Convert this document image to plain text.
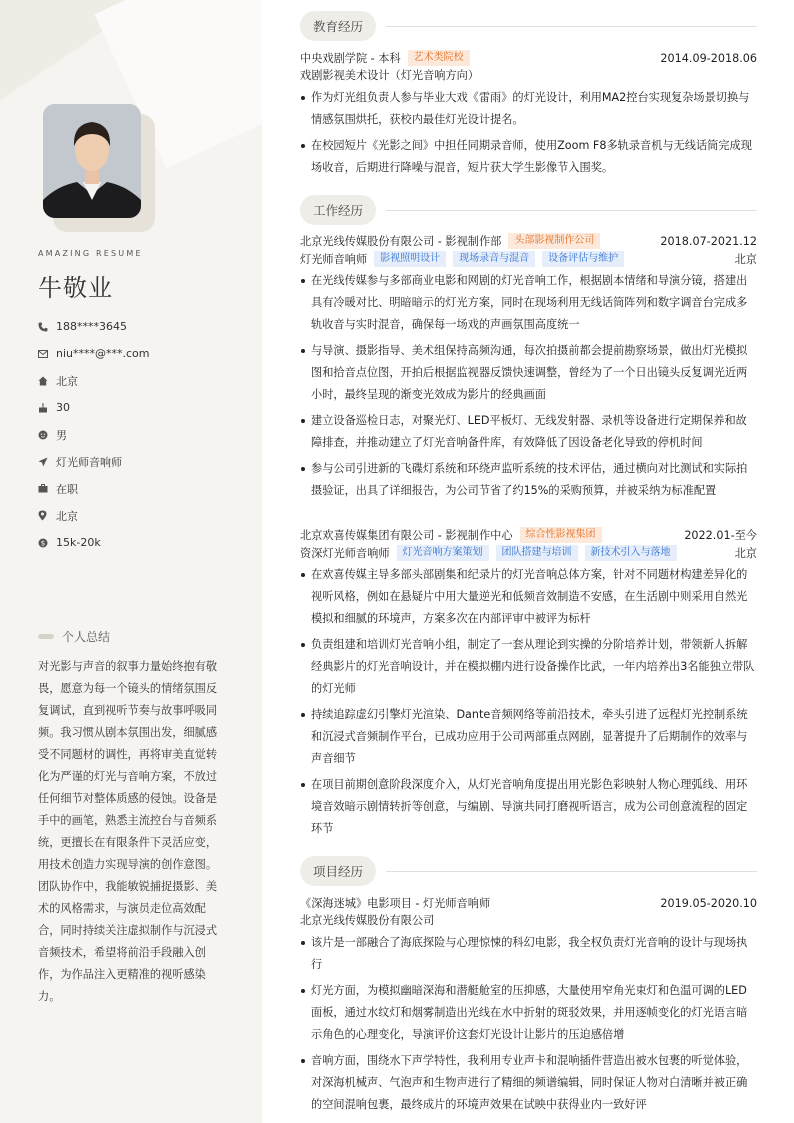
AMAZING RESUME
牛敬业
188****3645
niu****@***.com
北京
30
男
灯光师音响师
在职
北京
$ 15k-20k
个人总结
对光影与声音的叙事力量始终抱有敬畏，愿意为每一个镜头的情绪氛围反复调试，直到视听节奏与故事呼吸同频。我习惯从剧本氛围出发，细腻感受不同题材的调性，再将审美直觉转化为严谨的灯光与音响方案，不放过任何细节对整体质感的侵蚀。设备是手中的画笔，熟悉主流控台与音频系统，更擅长在有限条件下灵活应变，用技术创造力实现导演的创作意图。团队协作中，我能敏锐捕捉摄影、美术的风格需求，与演员走位高效配合，同时持续关注虚拟制作与沉浸式音频技术，希望将前沿手段融入创作，为作品注入更精准的视听感染力。
教育经历
中央戏剧学院 - 本科	艺术类院校	2014.09-2018.06
戏剧影视美术设计（灯光音响方向）
作为灯光组负责人参与毕业大戏《雷雨》的灯光设计，利用MA2控台实现复杂场景切换与情感氛围烘托，获校内最佳灯光设计提名。
在校园短片《光影之间》中担任同期录音师，使用Zoom F8多轨录音机与无线话筒完成现场收音，后期进行降噪与混音，短片获大学生影像节入围奖。
工作经历
北京光线传媒股份有限公司 - 影视制作部	头部影视制作公司	2018.07-2021.12
灯光师音响师	影视照明设计	现场录音与混音	设备评估与维护	北京
在光线传媒参与多部商业电影和网剧的灯光音响工作，根据剧本情绪和导演分镜，搭建出具有冷暖对比、明暗暗示的灯光方案，同时在现场利用无线话筒阵列和数字调音台完成多轨收音与实时混音，确保每一场戏的声画氛围高度统一
与导演、摄影指导、美术组保持高频沟通，每次拍摄前都会提前勘察场景，做出灯光模拟图和拾音点位图，开拍后根据监视器反馈快速调整，曾经为了一个日出镜头反复调光近两小时，最终呈现的渐变光效成为影片的经典画面
建立设备巡检日志，对聚光灯、LED平板灯、无线发射器、录机等设备进行定期保养和故障排查，并推动建立了灯光音响备件库，有效降低了因设备老化导致的停机时间
参与公司引进新的飞碟灯系统和环绕声监听系统的技术评估，通过横向对比测试和实际拍摄验证，出具了详细报告，为公司节省了约15%的采购预算，并被采纳为标准配置
北京欢喜传媒集团有限公司 - 影视制作中心	综合性影视集团	2022.01-至今
资深灯光师音响师	灯光音响方案策划	团队搭建与培训	新技术引入与落地	北京
在欢喜传媒主导多部头部剧集和纪录片的灯光音响总体方案，针对不同题材构建差异化的视听风格，例如在悬疑片中用大量逆光和低频音效制造不安感，在生活剧中则采用自然光模拟和细腻的环境声，方案多次在内部评审中被评为标杆
负责组建和培训灯光音响小组，制定了一套从理论到实操的分阶培养计划，带领新人拆解经典影片的灯光音响设计，并在模拟棚内进行设备操作比武，一年内培养出3名能独立带队的灯光师
持续追踪虚幻引擎灯光渲染、Dante音频网络等前沿技术，牵头引进了远程灯光控制系统和沉浸式音频制作平台，已成功应用于公司两部重点网剧，显著提升了后期制作的效率与声音细节
在项目前期创意阶段深度介入，从灯光音响角度提出用光影色彩映射人物心理弧线、用环境音效暗示剧情转折等创意，与编剧、导演共同打磨视听语言，成为公司创意流程的固定环节
项目经历
《深海迷城》电影项目 - 灯光师音响师	2019.05-2020.10
北京光线传媒股份有限公司
该片是一部融合了海底探险与心理惊悚的科幻电影，我全权负责灯光音响的设计与现场执行
灯光方面，为模拟幽暗深海和潜艇舱室的压抑感，大量使用窄角光束灯和色温可调的LED面板，通过水纹灯和烟雾制造出光线在水中折射的斑驳效果，并用逐帧变化的灯光语言暗示角色的心理变化，导演评价这套灯光设计让影片的压迫感倍增
音响方面，围绕水下声学特性，我利用专业声卡和混响插件营造出被水包裹的听觉体验，对深海机械声、气泡声和生物声进行了精细的频谱编辑，同时保证人物对白清晰并被正确的空间混响包裹，最终成片的环境声效果在试映中获得业内一致好评
